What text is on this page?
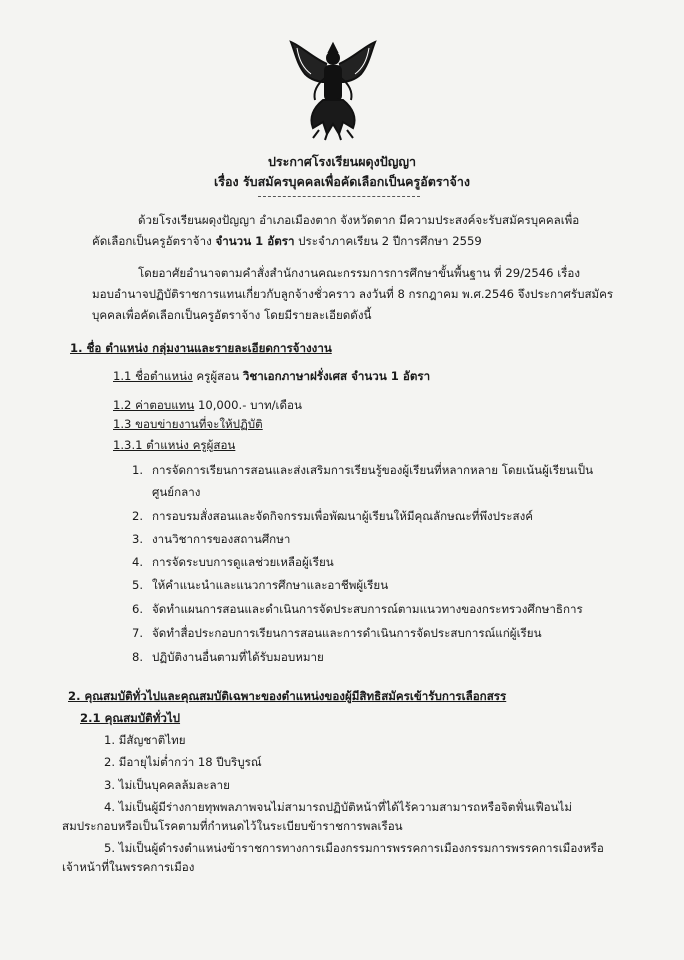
ประกาศโรงเรียนผดุงปัญญา
เรื่อง รับสมัครบุคคลเพื่อคัดเลือกเป็นครูอัตราจ้าง
ด้วยโรงเรียนผดุงปัญญา อำเภอเมืองตาก จังหวัดตาก มีความประสงค์จะรับสมัครบุคคลเพื่อ
คัดเลือกเป็นครูอัตราจ้าง จำนวน 1 อัตรา ประจำภาคเรียน 2 ปีการศึกษา 2559
โดยอาศัยอำนาจตามคำสั่งสำนักงานคณะกรรมการการศึกษาขั้นพื้นฐาน ที่ 29/2546 เรื่อง
มอบอำนาจปฏิบัติราชการแทนเกี่ยวกับลูกจ้างชั่วคราว ลงวันที่ 8 กรกฎาคม พ.ศ.2546 จึงประกาศรับสมัคร
บุคคลเพื่อคัดเลือกเป็นครูอัตราจ้าง โดยมีรายละเอียดดังนี้
1. ชื่อ ตำแหน่ง กลุ่มงานและรายละเอียดการจ้างงาน
1.1 ชื่อตำแหน่ง ครูผู้สอน วิชาเอกภาษาฝรั่งเศส จำนวน 1 อัตรา
1.2 ค่าตอบแทน 10,000.- บาท/เดือน
1.3 ขอบข่ายงานที่จะให้ปฏิบัติ
1.3.1 ตำแหน่ง ครูผู้สอน
1. การจัดการเรียนการสอนและส่งเสริมการเรียนรู้ของผู้เรียนที่หลากหลาย โดยเน้นผู้เรียนเป็น
ศูนย์กลาง
2. การอบรมสั่งสอนและจัดกิจกรรมเพื่อพัฒนาผู้เรียนให้มีคุณลักษณะที่พึงประสงค์
3. งานวิชาการของสถานศึกษา
4. การจัดระบบการดูแลช่วยเหลือผู้เรียน
5. ให้คำแนะนำและแนวการศึกษาและอาชีพผู้เรียน
6. จัดทำแผนการสอนและดำเนินการจัดประสบการณ์ตามแนวทางของกระทรวงศึกษาธิการ
7. จัดทำสื่อประกอบการเรียนการสอนและการดำเนินการจัดประสบการณ์แก่ผู้เรียน
8. ปฏิบัติงานอื่นตามที่ได้รับมอบหมาย
2. คุณสมบัติทั่วไปและคุณสมบัติเฉพาะของตำแหน่งของผู้มีสิทธิสมัครเข้ารับการเลือกสรร
2.1 คุณสมบัติทั่วไป
1. มีสัญชาติไทย
2. มีอายุไม่ต่ำกว่า 18 ปีบริบูรณ์
3. ไม่เป็นบุคคลล้มละลาย
4. ไม่เป็นผู้มีร่างกายทุพพลภาพจนไม่สามารถปฏิบัติหน้าที่ได้ไร้ความสามารถหรือจิตฟั่นเฟือนไม่
สมประกอบหรือเป็นโรคตามที่กำหนดไว้ในระเบียบข้าราชการพลเรือน
5. ไม่เป็นผู้ดำรงตำแหน่งข้าราชการทางการเมืองกรรมการพรรคการเมืองกรรมการพรรคการเมืองหรือ
เจ้าหน้าที่ในพรรคการเมือง
